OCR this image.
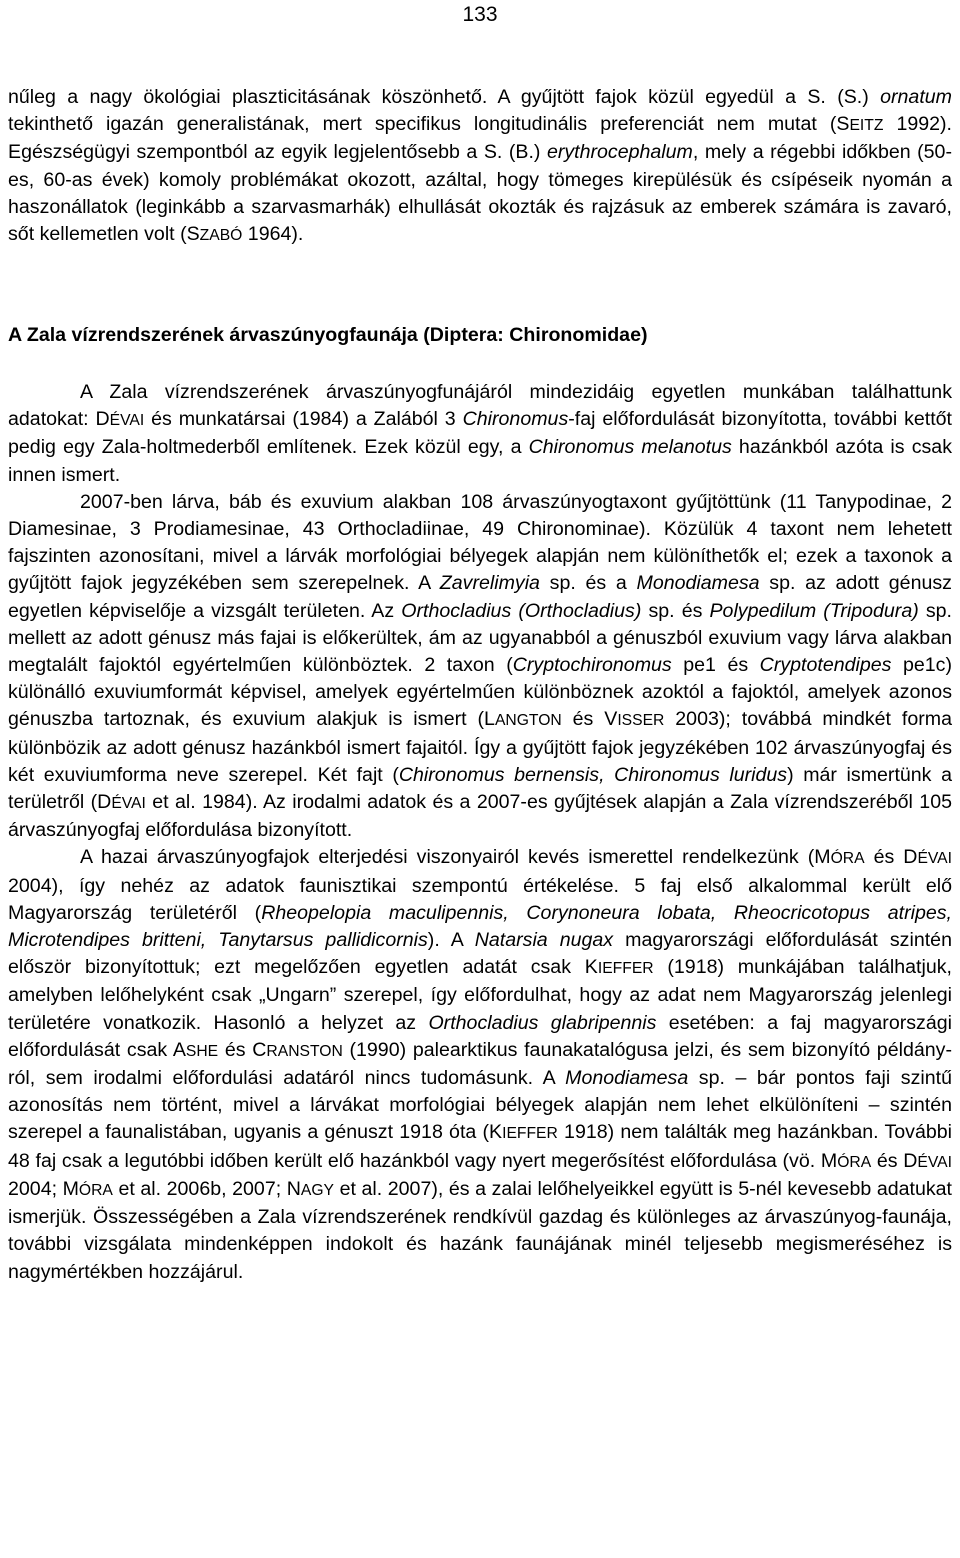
133

nűleg a nagy ökológiai plaszticitásának köszönhető. A gyűjtött fajok közül egyedül a S. (S.) ornatum tekinthető igazán generalistának, mert specifikus longitudinális preferenciát nem mutat (SEITZ 1992). Egészségügyi szempontból az egyik legjelentősebb a S. (B.) erythrocephalum, mely a régebbi időkben (50-es, 60-as évek) komoly problémákat okozott, azáltal, hogy tömeges kirepülésük és csípéseik nyomán a haszonállatok (leginkább a szarvasmarhák) elhullását okozták és rajzásuk az emberek számára is zavaró, sőt kellemetlen volt (SZABÓ 1964).

A Zala vízrendszerének árvaszúnyogfaunája (Diptera: Chironomidae)

A Zala vízrendszerének árvaszúnyogfunájáról mindezidáig egyetlen munkában találhattunk adatokat: DÉVAI és munkatársai (1984) a Zalából 3 Chironomus-faj előfordulását bizonyította, további kettőt pedig egy Zala-holtmederből említenek. Ezek közül egy, a Chironomus melanotus hazánkból azóta is csak innen ismert.

2007-ben lárva, báb és exuvium alakban 108 árvaszúnyogtaxont gyűjtöttünk (11 Tanypodinae, 2 Diamesinae, 3 Prodiamesinae, 43 Orthocladiinae, 49 Chironominae). Közülük 4 taxont nem lehetett fajszinten azonosítani, mivel a lárvák morfológiai bélyegek alapján nem különíthetők el; ezek a taxonok a gyűjtött fajok jegyzékében sem szerepelnek. A Zavrelimyia sp. és a Monodiamesa sp. az adott génusz egyetlen képviselője a vizsgált területen. Az Orthocladius (Orthocladius) sp. és Polypedilum (Tripodura) sp. mellett az adott génusz más fajai is előkerültek, ám az ugyanabból a génuszból exuvium vagy lárva alakban megtalált fajoktól egyértelműen különböztek. 2 taxon (Cryptochironomus pe1 és Cryptotendipes pe1c) különálló exuviumformát képvisel, amelyek egyértelműen különböznek azoktól a fajoktól, amelyek azonos génuszba tartoznak, és exuvium alakjuk is ismert (LANGTON és VISSER 2003); továbbá mindkét forma különbözik az adott génusz hazánkból ismert fajaitól. Így a gyűjtött fajok jegyzékében 102 árvaszúnyogfaj és két exuviumforma neve szerepel. Két fajt (Chironomus bernensis, Chironomus luridus) már ismertünk a területről (DÉVAI et al. 1984). Az irodalmi adatok és a 2007-es gyűjtések alapján a Zala vízrendszeréből 105 árvaszúnyogfaj előfordulása bizonyított.

A hazai árvaszúnyogfajok elterjedési viszonyairól kevés ismerettel rendelkezünk (MÓRA és DÉVAI 2004), így nehéz az adatok faunisztikai szempontú értékelése. 5 faj első alkalommal került elő Magyarország területéről (Rheopelopia maculipennis, Corynoneura lobata, Rheocricotopus atripes, Microtendipes britteni, Tanytarsus pallidicornis). A Natarsia nugax magyarországi előfordulását szintén először bizonyítottuk; ezt megelőzően egyetlen adatát csak KIEFFER (1918) munkájában találhatjuk, amelyben lelőhelyként csak „Ungarn” szerepel, így előfordulhat, hogy az adat nem Magyarország jelenlegi területére vonatkozik. Hasonló a helyzet az Orthocladius glabripennis esetében: a faj magyarországi előfordulását csak ASHE és CRANSTON (1990) palearktikus faunakatalógusa jelzi, és sem bizonyító példányról, sem irodalmi előfordulási adatáról nincs tudomásunk. A Monodiamesa sp. – bár pontos faji szintű azonosítás nem történt, mivel a lárvákat morfológiai bélyegek alapján nem lehet elkülöníteni – szintén szerepel a faunalistában, ugyanis a génuszt 1918 óta (KIEFFER 1918) nem találták meg hazánkban. További 48 faj csak a legutóbbi időben került elő hazánkból vagy nyert megerősítést előfordulása (vö. MÓRA és DÉVAI 2004; MÓRA et al. 2006b, 2007; NAGY et al. 2007), és a zalai lelőhelyeikkel együtt is 5-nél kevesebb adatukat ismerjük. Összességében a Zala vízrendszerének rendkívül gazdag és különleges az árvaszúnyog-faunája, további vizsgálata mindenképpen indokolt és hazánk faunájának minél teljesebb megismeréséhez is nagymértékben hozzájárul.
